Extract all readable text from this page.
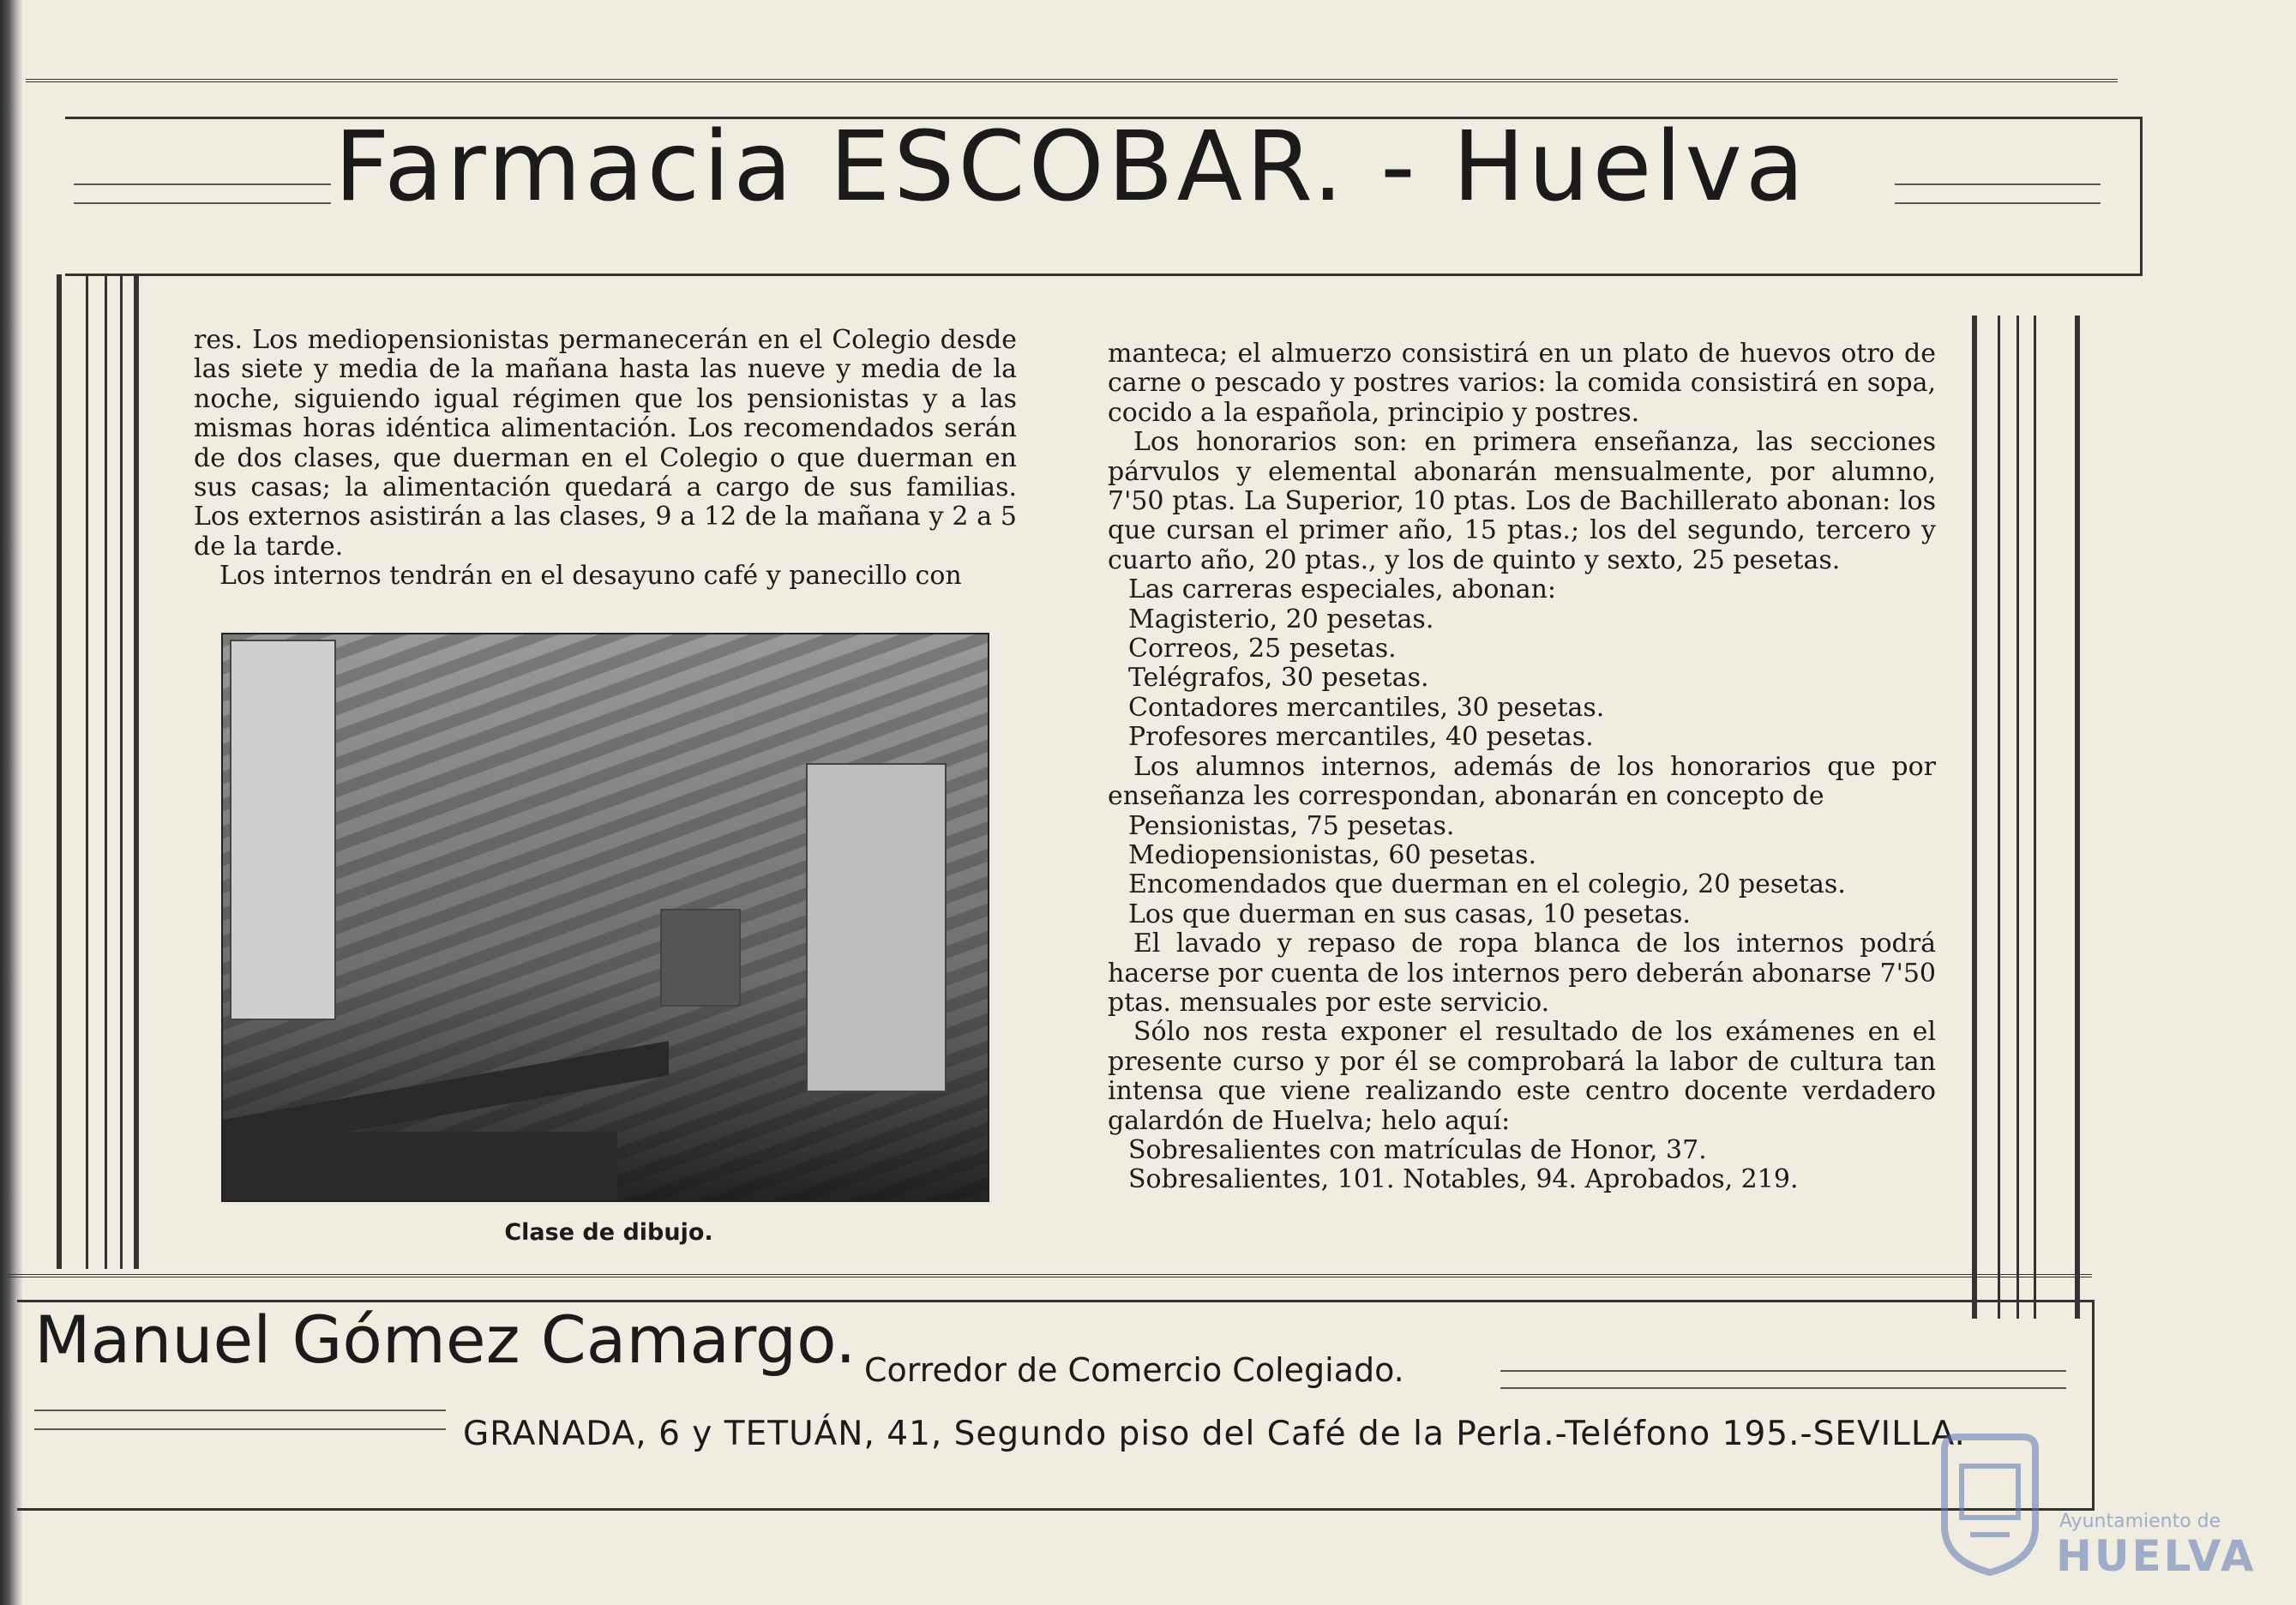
Farmacia ESCOBAR. - Huelva

res. Los mediopensionistas permanecerán en el Colegio desde las siete y media de la mañana hasta las nueve y media de la noche, siguiendo igual régimen que los pensionistas y a las mismas horas idéntica alimentación. Los recomendados serán de dos clases, que duerman en el Colegio o que duerman en sus casas; la alimentación quedará a cargo de sus familias. Los externos asistirán a las clases, 9 a 12 de la mañana y 2 a 5 de la tarde.

Los internos tendrán en el desayuno café y panecillo con

Clase de dibujo.

manteca; el almuerzo consistirá en un plato de huevos otro de carne o pescado y postres varios: la comida consistirá en sopa, cocido a la española, principio y postres.

Los honorarios son: en primera enseñanza, las secciones párvulos y elemental abonarán mensualmente, por alumno, 7'50 ptas. La Superior, 10 ptas. Los de Bachillerato abonan: los que cursan el primer año, 15 ptas.; los del segundo, tercero y cuarto año, 20 ptas., y los de quinto y sexto, 25 pesetas.

Las carreras especiales, abonan:

Magisterio, 20 pesetas.

Correos, 25 pesetas.

Telégrafos, 30 pesetas.

Contadores mercantiles, 30 pesetas.

Profesores mercantiles, 40 pesetas.

Los alumnos internos, además de los honorarios que por enseñanza les correspondan, abonarán en concepto de

Pensionistas, 75 pesetas.

Mediopensionistas, 60 pesetas.

Encomendados que duerman en el colegio, 20 pesetas.

Los que duerman en sus casas, 10 pesetas.

El lavado y repaso de ropa blanca de los internos podrá hacerse por cuenta de los internos pero deberán abonarse 7'50 ptas. mensuales por este servicio.

Sólo nos resta exponer el resultado de los exámenes en el presente curso y por él se comprobará la labor de cultura tan intensa que viene realizando este centro docente verdadero galardón de Huelva; helo aquí:

Sobresalientes con matrículas de Honor, 37.

Sobresalientes, 101. Notables, 94. Aprobados, 219.

Manuel Gómez Camargo. Corredor de Comercio Colegiado.
GRANADA, 6 y TETUÁN, 41, Segundo piso del Café de la Perla.-Teléfono 195.-SEVILLA.
Ayuntamiento de
HUELVA
